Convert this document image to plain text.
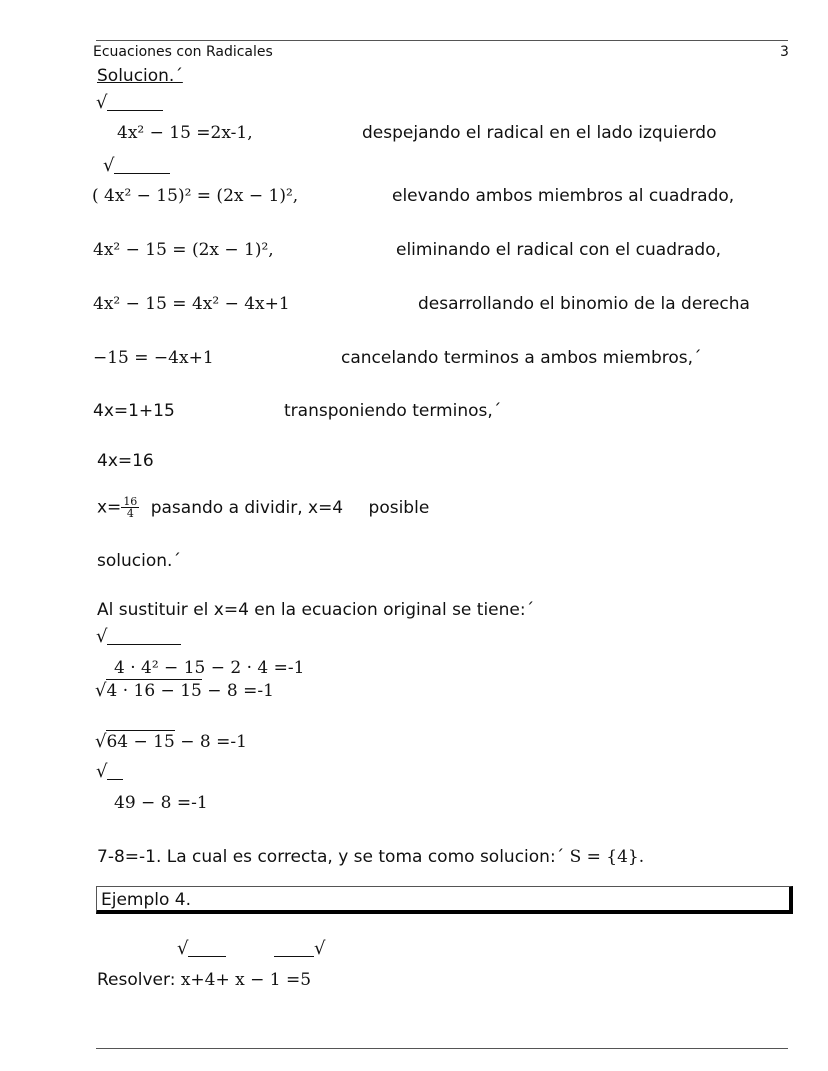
Ecuaciones con Radicales	3
Solucion.´
√
4x² − 15 =2x-1,	despejando el radical en el lado izquierdo
√
( 4x² − 15)² = (2x − 1)²,	elevando ambos miembros al cuadrado,
4x² − 15 = (2x − 1)²,	eliminando el radical con el cuadrado,
4x² − 15 = 4x² − 4x+1	desarrollando el binomio de la derecha
−15 = −4x+1	cancelando terminos a ambos miembros,´
4x=1+15	transponiendo terminos,´
4x=16
$x= \frac{16}{4}$ pasando a dividir, x=4 posible
solucion.´
Al sustituir el x=4 en la ecuacion original se tiene:´
√
4 · 4² − 15 − 2 · 4 =-1
√4 · 16 − 15 − 8 =-1
√64 − 15 − 8 =-1
√
49 − 8 =-1
7-8=-1. La cual es correcta, y se toma como solucion:´ S = {4}.
Ejemplo 4.
√	√
Resolver: x+4+ x − 1 =5
